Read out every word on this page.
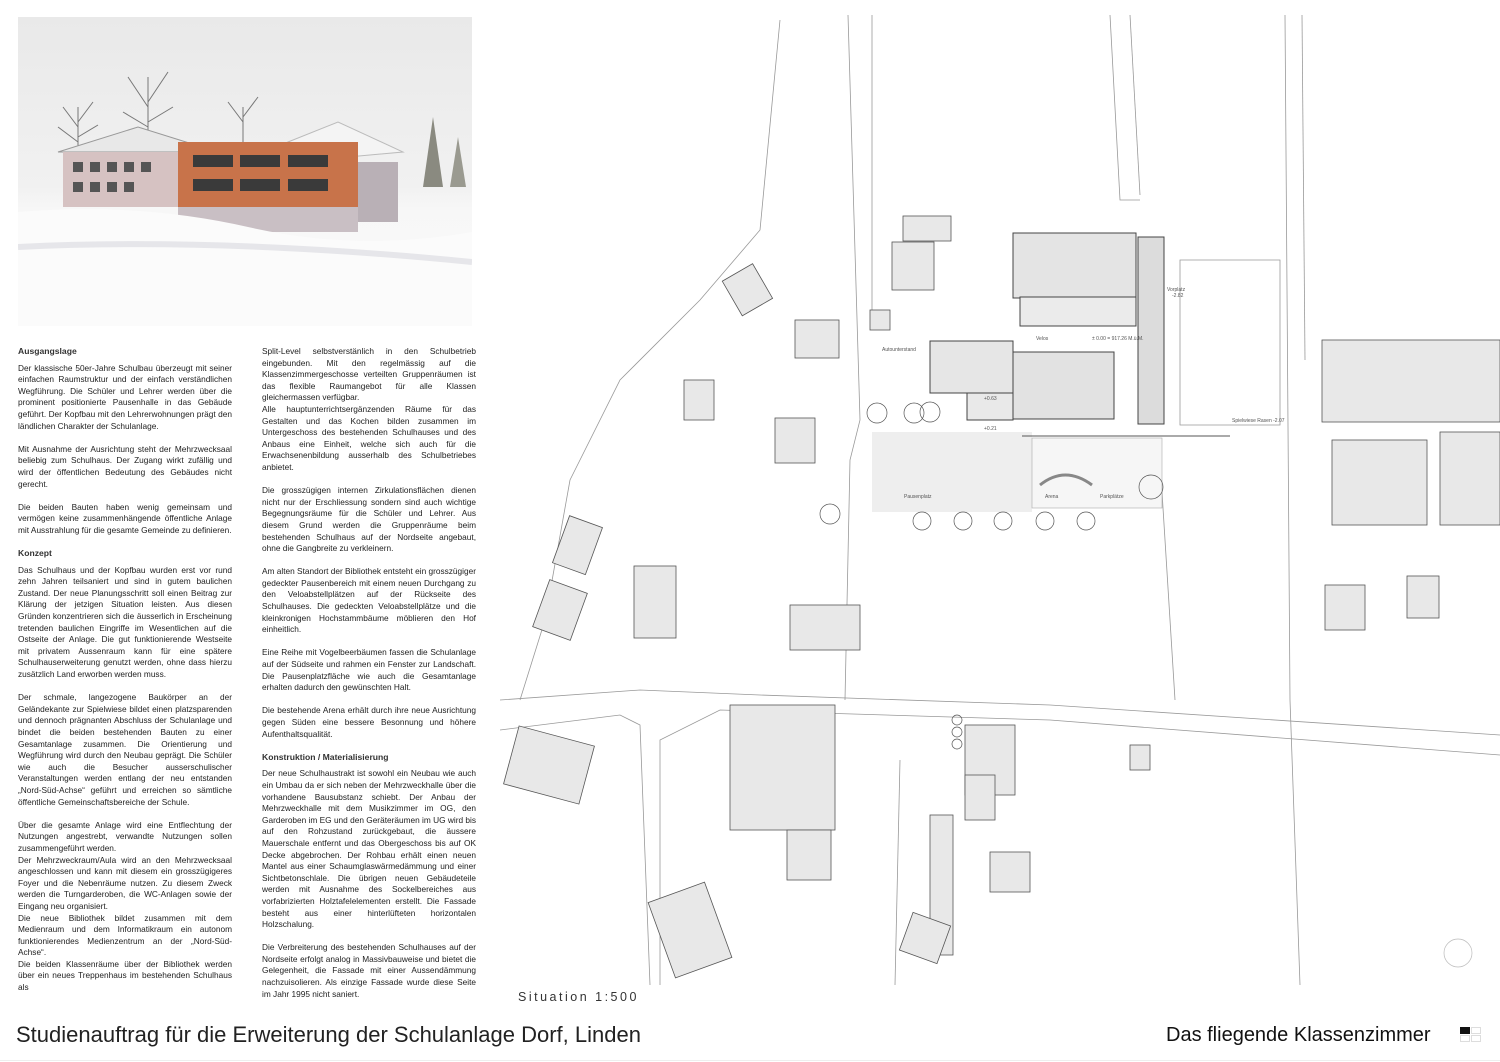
Ausgangslage

Der klassische 50er-Jahre Schulbau überzeugt mit seiner einfachen Raumstruktur und der einfach verständlichen Wegführung. Die Schüler und Lehrer werden über die prominent positionierte Pausenhalle in das Gebäude geführt. Der Kopfbau mit den Lehrerwohnungen prägt den ländlichen Charakter der Schulanlage.

Mit Ausnahme der Ausrichtung steht der Mehrzwecksaal beliebig zum Schulhaus. Der Zugang wirkt zufällig und wird der öffentlichen Bedeutung des Gebäudes nicht gerecht.

Die beiden Bauten haben wenig gemeinsam und vermögen keine zusammenhängende öffentliche Anlage mit Ausstrahlung für die gesamte Gemeinde zu definieren.

Konzept

Das Schulhaus und der Kopfbau wurden erst vor rund zehn Jahren teilsaniert und sind in gutem baulichen Zustand. Der neue Planungsschritt soll einen Beitrag zur Klärung der jetzigen Situation leisten. Aus diesen Gründen konzentrieren sich die äusserlich in Erscheinung tretenden baulichen Eingriffe im Wesentlichen auf die Ostseite der Anlage. Die gut funktionierende Westseite mit privatem Aussenraum kann für eine spätere Schulhauserweiterung genutzt werden, ohne dass hierzu zusätzlich Land erworben werden muss.

Der schmale, langezogene Baukörper an der Geländekante zur Spielwiese bildet einen platzsparenden und dennoch prägnanten Abschluss der Schulanlage und bindet die beiden bestehenden Bauten zu einer Gesamtanlage zusammen. Die Orientierung und Wegführung wird durch den Neubau geprägt. Die Schüler wie auch die Besucher ausserschulischer Veranstaltungen werden entlang der neu entstanden „Nord-Süd-Achse“ geführt und erreichen so sämtliche öffentliche Gemeinschaftsbereiche der Schule.

Über die gesamte Anlage wird eine Entflechtung der Nutzungen angestrebt, verwandte Nutzungen sollen zusammengeführt werden.

Der Mehrzweckraum/Aula wird an den Mehrzwecksaal angeschlossen und kann mit diesem ein grosszügigeres Foyer und die Nebenräume nutzen. Zu diesem Zweck werden die Turngarderoben, die WC-Anlagen sowie der Eingang neu organisiert.

Die neue Bibliothek bildet zusammen mit dem Medienraum und dem Informatikraum ein autonom funktionierendes Medienzentrum an der „Nord-Süd-Achse“.

Die beiden Klassenräume über der Bibliothek werden über ein neues Treppenhaus im bestehenden Schulhaus als

Split-Level selbstverstänlich in den Schulbetrieb eingebunden. Mit den regelmässig auf die Klassenzimmergeschosse verteilten Gruppenräumen ist das flexible Raumangebot für alle Klassen gleichermassen verfügbar.

Alle hauptunterrichtsergänzenden Räume für das Gestalten und das Kochen bilden zusammen im Untergeschoss des bestehenden Schulhauses und des Anbaus eine Einheit, welche sich auch für die Erwachsenenbildung ausserhalb des Schulbetriebes anbietet.

Die grosszügigen internen Zirkulationsflächen dienen nicht nur der Erschliessung sondern sind auch wichtige Begegnungsräume für die Schüler und Lehrer. Aus diesem Grund werden die Gruppenräume beim bestehenden Schulhaus auf der Nordseite angebaut, ohne die Gangbreite zu verkleinern.

Am alten Standort der Bibliothek entsteht ein grosszügiger gedeckter Pausenbereich mit einem neuen Durchgang zu den Veloabstellplätzen auf der Rückseite des Schulhauses. Die gedeckten Veloabstellplätze und die kleinkronigen Hochstammbäume möblieren den Hof einheitlich.

Eine Reihe mit Vogelbeerbäumen fassen die Schulanlage auf der Südseite und rahmen ein Fenster zur Landschaft. Die Pausenplatzfläche wie auch die Gesamtanlage erhalten dadurch den gewünschten Halt.

Die bestehende Arena erhält durch ihre neue Ausrichtung gegen Süden eine bessere Besonnung und höhere Aufenthaltsqualität.

Konstruktion / Materialisierung

Der neue Schulhaustrakt ist sowohl ein Neubau wie auch ein Umbau da er sich neben der Mehrzweckhalle über die vorhandene Bausubstanz schiebt. Der Anbau der Mehrzweckhalle mit dem Musikzimmer im OG, den Garderoben im EG und den Geräteräumen im UG wird bis auf den Rohzustand zurückgebaut, die äussere Mauerschale entfernt und das Obergeschoss bis auf OK Decke abgebrochen. Der Rohbau erhält einen neuen Mantel aus einer Schaumglaswärmedämmung und einer Sichtbetonschlale. Die übrigen neuen Gebäudeteile werden mit Ausnahme des Sockelbereiches aus vorfabrizierten Holztafelelementen erstellt. Die Fassade besteht aus einer hinterlüfteten horizontalen Holzschalung.

Die Verbreiterung des bestehenden Schulhauses auf der Nordseite erfolgt analog in Massivbauweise und bietet die Gelegenheit, die Fassade mit einer Aussendämmung nachzuisolieren. Als einzige Fassade wurde diese Seite im Jahr 1995 nicht saniert.

Velos	± 0.00 = 917.26 M.ü.M.
Autounterstand
+0.63
+0.21
Vorplatz
-2.82
Spielwiese Rasen -2.07
Pausenplatz	Arena	Parkplätze
Situation 1:500
Studienauftrag für die Erweiterung der Schulanlage Dorf, Linden	Das fliegende Klassenzimmer
